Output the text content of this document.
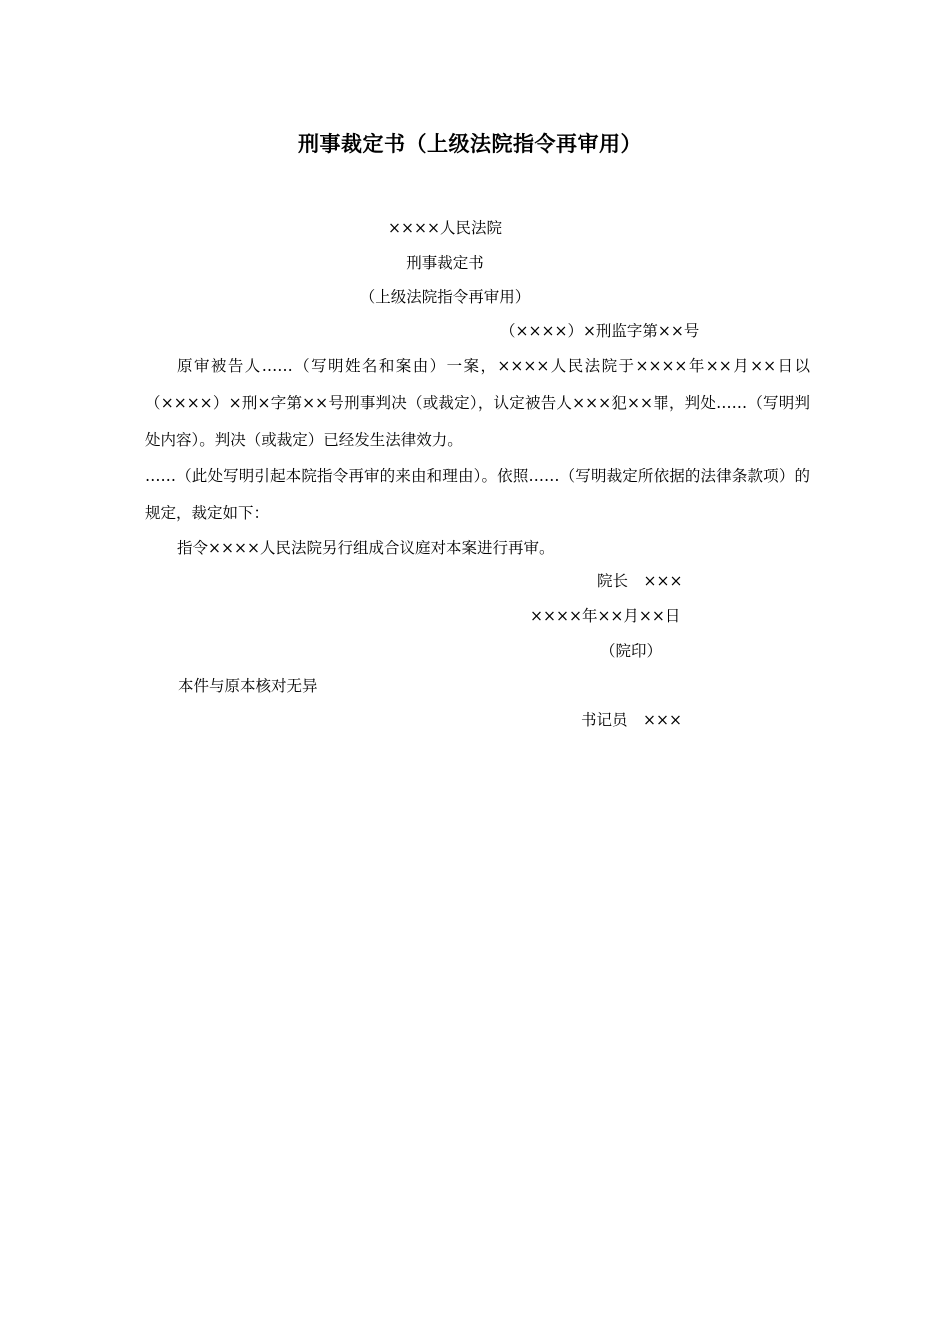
刑事裁定书（上级法院指令再审用）
××××人民法院
刑事裁定书
（上级法院指令再审用）
（××××）×刑监字第××号
原审被告人……（写明姓名和案由）一案，××××人民法院于××××年××月××日以（××××）×刑×字第××号刑事判决（或裁定），认定被告人×××犯××罪，判处……（写明判处内容）。判决（或裁定）已经发生法律效力。
……（此处写明引起本院指令再审的来由和理由）。依照……（写明裁定所依据的法律条款项）的规定，裁定如下：
指令××××人民法院另行组成合议庭对本案进行再审。
院长　×××
××××年××月××日
（院印）
本件与原本核对无异
书记员　×××
